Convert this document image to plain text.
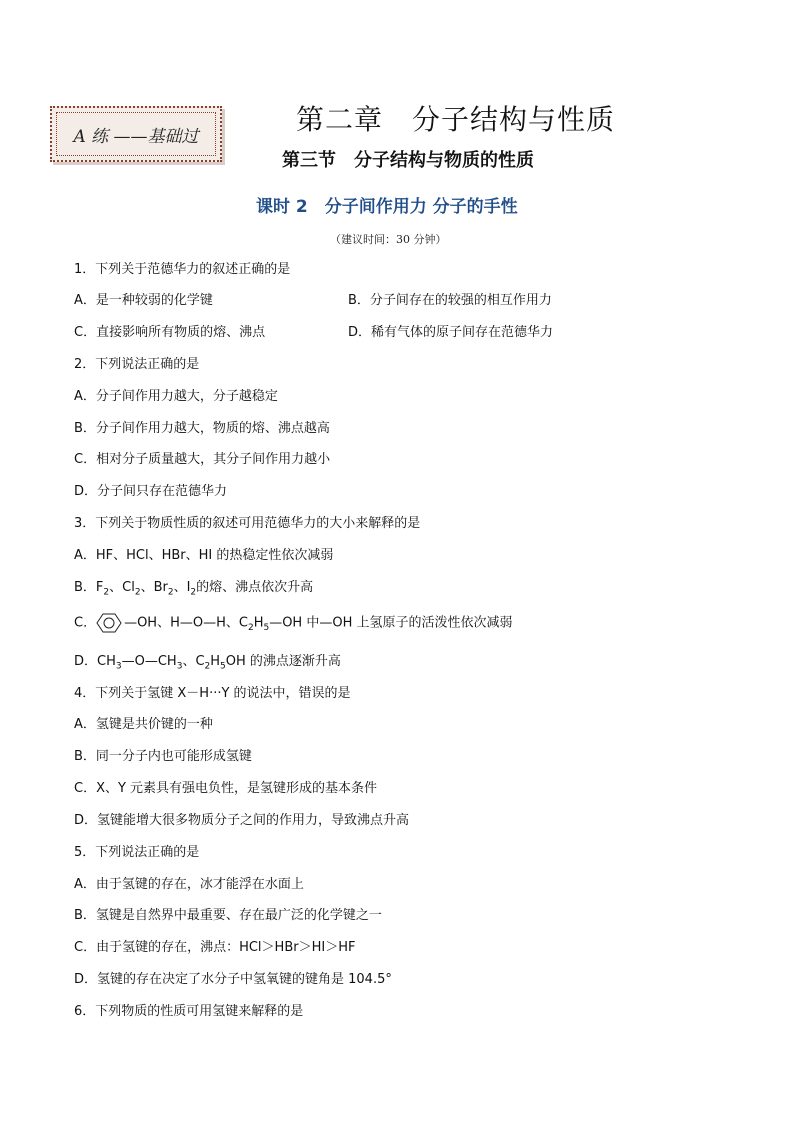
A 练 ——基础过
第二章　分子结构与性质
第三节　分子结构与物质的性质
课时 2　分子间作用力 分子的手性
（建议时间：30 分钟）
1．下列关于范德华力的叙述正确的是
A．是一种较弱的化学键	B．分子间存在的较强的相互作用力
C．直接影响所有物质的熔、沸点	D．稀有气体的原子间存在范德华力
2．下列说法正确的是
A．分子间作用力越大，分子越稳定
B．分子间作用力越大，物质的熔、沸点越高
C．相对分子质量越大，其分子间作用力越小
D．分子间只存在范德华力
3．下列关于物质性质的叙述可用范德华力的大小来解释的是
A．HF、HCl、HBr、HI 的热稳定性依次减弱
B．$F_2$、$Cl_2$、$Br_2$、$I_2$的熔、沸点依次升高
C． —OH、H—O—H、$C_2H_5—OH$ 中—OH 上氢原子的活泼性依次减弱
D．$CH_3—O—CH_3$、$C_2H_5OH$ 的沸点逐渐升高
4．下列关于氢键 X－H···Y 的说法中，错误的是
A．氢键是共价键的一种
B．同一分子内也可能形成氢键
C．X、Y 元素具有强电负性，是氢键形成的基本条件
D．氢键能增大很多物质分子之间的作用力，导致沸点升高
5．下列说法正确的是
A．由于氢键的存在，冰才能浮在水面上
B．氢键是自然界中最重要、存在最广泛的化学键之一
C．由于氢键的存在，沸点：HCl＞HBr＞HI＞HF
D．氢键的存在决定了水分子中氢氧键的键角是 104.5°
6．下列物质的性质可用氢键来解释的是
